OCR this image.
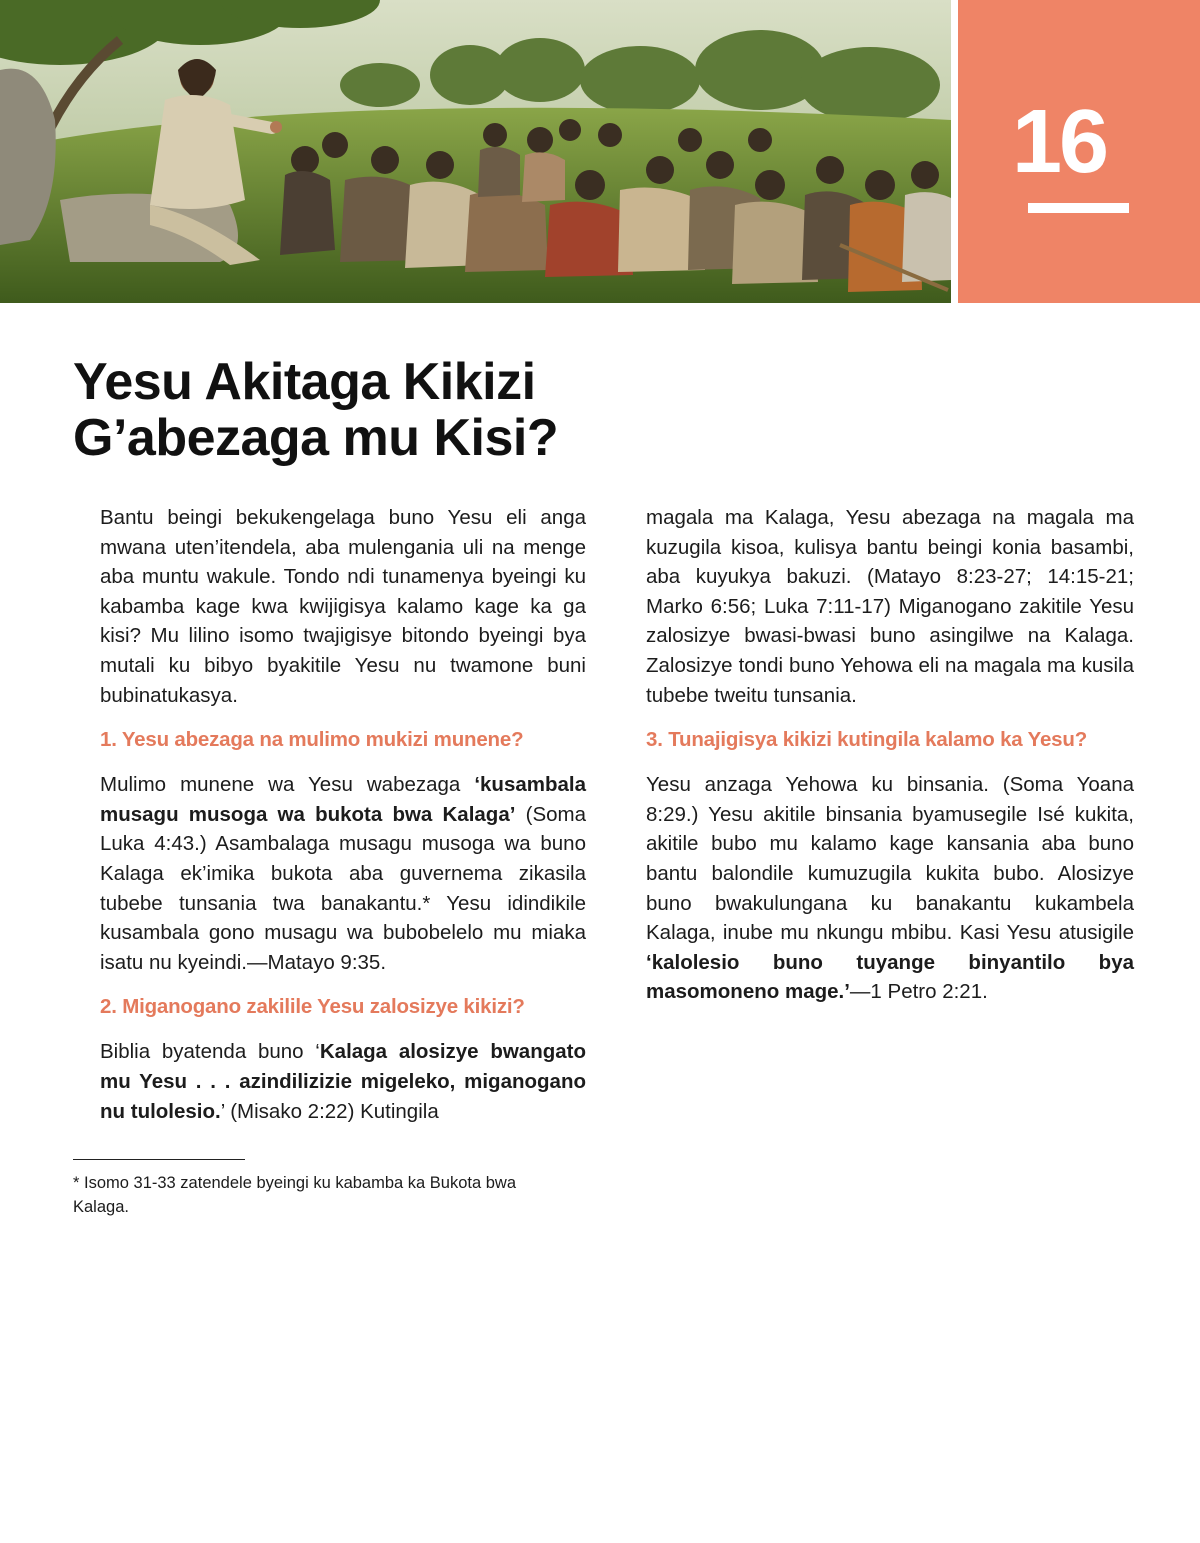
16
Yesu Akitaga Kikizi
G’abezaga mu Kisi?

Bantu beingi bekukengelaga buno Yesu eli anga mwana uten’itendela, aba mulengania uli na menge aba muntu wakule. Tondo ndi tunamenya byeingi ku kabamba kage kwa kwijigisya kalamo kage ka ga kisi? Mu lilino isomo twajigisye bitondo byeingi bya mutali ku bibyo byakitile Yesu nu twamone buni bubinatukasya.

1. Yesu abezaga na mulimo mukizi munene?

Mulimo munene wa Yesu wabezaga ‘kusambala musagu musoga wa bukota bwa Kalaga’ (Soma Luka 4:43.) Asambalaga musagu musoga wa buno Kalaga ek’imika bukota aba guvernema zikasila tubebe tunsania twa banakantu.* Yesu idindikile kusambala gono musagu wa bubobelelo mu miaka isatu nu kyeindi.—Matayo 9:35.

2. Miganogano zakilile Yesu zalosizye kikizi?

Biblia byatenda buno ‘Kalaga alosizye bwangato mu Yesu . . . azindilizizie migeleko, miganogano nu tulolesio.’ (Misako 2:22) Kutingila

* Isomo 31-33 zatendele byeingi ku kabamba ka Bukota bwa Kalaga.

magala ma Kalaga, Yesu abezaga na magala ma kuzugila kisoa, kulisya bantu beingi konia basambi, aba kuyukya bakuzi. (Matayo 8:23-27; 14:15-21; Marko 6:56; Luka 7:11-17) Miganogano zakitile Yesu zalosizye bwasi-bwasi buno asingilwe na Kalaga. Zalosizye tondi buno Yehowa eli na magala ma kusila tubebe tweitu tunsania.

3. Tunajigisya kikizi kutingila kalamo ka Yesu?

Yesu anzaga Yehowa ku binsania. (Soma Yoana 8:29.) Yesu akitile binsania byamusegile Isé kukita, akitile bubo mu kalamo kage kansania aba buno bantu balondile kumuzugila kukita bubo. Alosizye buno bwakulungana ku banakantu kukambela Kalaga, inube mu nkungu mbibu. Kasi Yesu atusigile ‘kalolesio buno tuyange binyantilo bya masomoneno mage.’—1 Petro 2:21.
